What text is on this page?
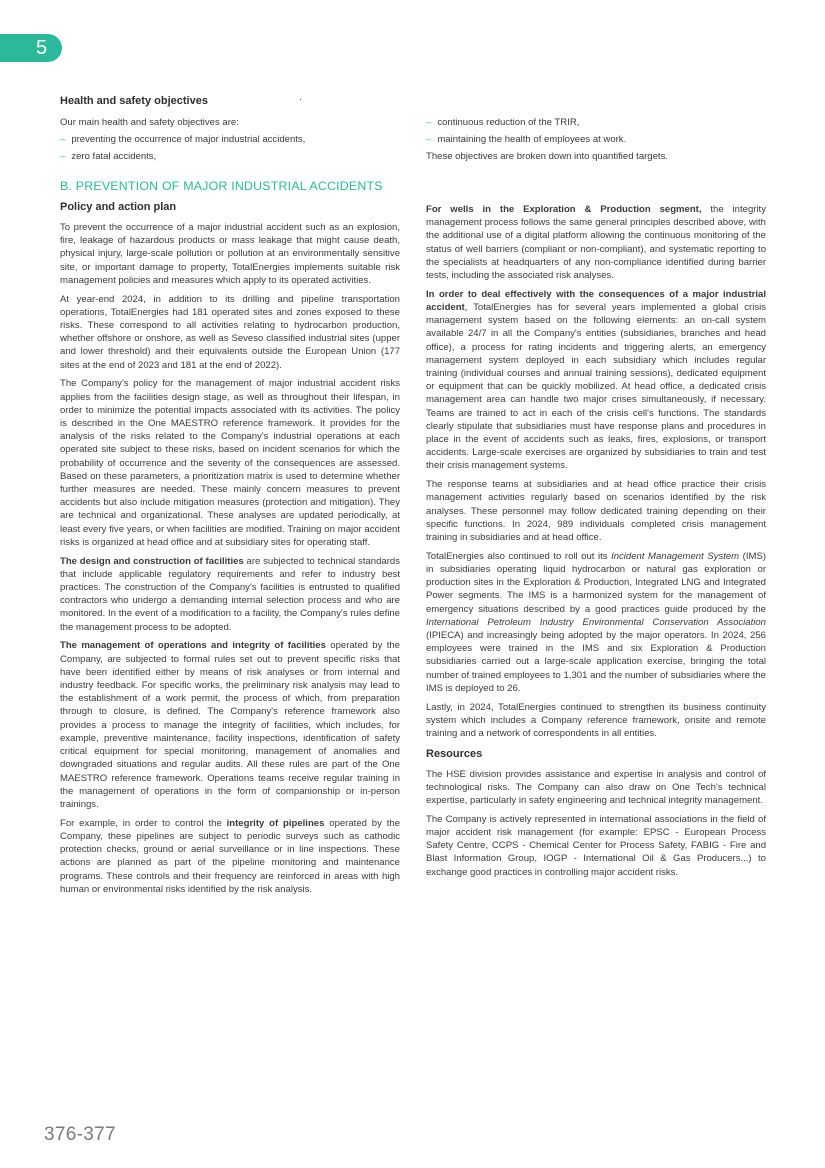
5
Health and safety objectives
Our main health and safety objectives are:
– preventing the occurrence of major industrial accidents,
– zero fatal accidents,
– continuous reduction of the TRIR,
– maintaining the health of employees at work.
These objectives are broken down into quantified targets.
B. PREVENTION OF MAJOR INDUSTRIAL ACCIDENTS
Policy and action plan

To prevent the occurrence of a major industrial accident such as an explosion, fire, leakage of hazardous products or mass leakage that might cause death, physical injury, large-scale pollution or pollution at an environmentally sensitive site, or important damage to property, TotalEnergies implements suitable risk management policies and measures which apply to its operated activities.

At year-end 2024, in addition to its drilling and pipeline transportation operations, TotalEnergies had 181 operated sites and zones exposed to these risks. These correspond to all activities relating to hydrocarbon production, whether offshore or onshore, as well as Seveso classified industrial sites (upper and lower threshold) and their equivalents outside the European Union (177 sites at the end of 2023 and 181 at the end of 2022).

The Company's policy for the management of major industrial accident risks applies from the facilities design stage, as well as throughout their lifespan, in order to minimize the potential impacts associated with its activities. The policy is described in the One MAESTRO reference framework. It provides for the analysis of the risks related to the Company's industrial operations at each operated site subject to these risks, based on incident scenarios for which the probability of occurrence and the severity of the consequences are assessed. Based on these parameters, a prioritization matrix is used to determine whether further measures are needed. These mainly concern measures to prevent accidents but also include mitigation measures (protection and mitigation). They are technical and organizational. These analyses are updated periodically, at least every five years, or when facilities are modified. Training on major accident risks is organized at head office and at subsidiary sites for operating staff.

The design and construction of facilities are subjected to technical standards that include applicable regulatory requirements and refer to industry best practices. The construction of the Company's facilities is entrusted to qualified contractors who undergo a demanding internal selection process and who are monitored. In the event of a modification to a facility, the Company's rules define the management process to be adopted.

The management of operations and integrity of facilities operated by the Company, are subjected to formal rules set out to prevent specific risks that have been identified either by means of risk analyses or from internal and industry feedback. For specific works, the preliminary risk analysis may lead to the establishment of a work permit, the process of which, from preparation through to closure, is defined. The Company's reference framework also provides a process to manage the integrity of facilities, which includes, for example, preventive maintenance, facility inspections, identification of safety critical equipment for special monitoring, management of anomalies and downgraded situations and regular audits. All these rules are part of the One MAESTRO reference framework. Operations teams receive regular training in the management of operations in the form of companionship or in-person trainings.

For example, in order to control the integrity of pipelines operated by the Company, these pipelines are subject to periodic surveys such as cathodic protection checks, ground or aerial surveillance or in line inspections. These actions are planned as part of the pipeline monitoring and maintenance programs. These controls and their frequency are reinforced in areas with high human or environmental risks identified by the risk analysis.

For wells in the Exploration & Production segment, the integrity management process follows the same general principles described above, with the additional use of a digital platform allowing the continuous monitoring of the status of well barriers (compliant or non-compliant), and systematic reporting to the specialists at headquarters of any non-compliance identified during barrier tests, including the associated risk analyses.

In order to deal effectively with the consequences of a major industrial accident, TotalEnergies has for several years implemented a global crisis management system based on the following elements: an on-call system available 24/7 in all the Company's entities (subsidiaries, branches and head office), a process for rating incidents and triggering alerts, an emergency management system deployed in each subsidiary which includes regular training (individual courses and annual training sessions), dedicated equipment or equipment that can be quickly mobilized. At head office, a dedicated crisis management area can handle two major crises simultaneously, if necessary. Teams are trained to act in each of the crisis cell's functions. The standards clearly stipulate that subsidiaries must have response plans and procedures in place in the event of accidents such as leaks, fires, explosions, or transport accidents. Large-scale exercises are organized by subsidiaries to train and test their crisis management systems.

The response teams at subsidiaries and at head office practice their crisis management activities regularly based on scenarios identified by the risk analyses. These personnel may follow dedicated training depending on their specific functions. In 2024, 989 individuals completed crisis management training in subsidiaries and at head office.

TotalEnergies also continued to roll out its Incident Management System (IMS) in subsidiaries operating liquid hydrocarbon or natural gas exploration or production sites in the Exploration & Production, Integrated LNG and Integrated Power segments. The IMS is a harmonized system for the management of emergency situations described by a good practices guide produced by the International Petroleum Industry Environmental Conservation Association (IPIECA) and increasingly being adopted by the major operators. In 2024, 256 employees were trained in the IMS and six Exploration & Production subsidiaries carried out a large-scale application exercise, bringing the total number of trained employees to 1,301 and the number of subsidiaries where the IMS is deployed to 26.

Lastly, in 2024, TotalEnergies continued to strengthen its business continuity system which includes a Company reference framework, onsite and remote training and a network of correspondents in all entities.

Resources

The HSE division provides assistance and expertise in analysis and control of technological risks. The Company can also draw on One Tech's technical expertise, particularly in safety engineering and technical integrity management.

The Company is actively represented in international associations in the field of major accident risk management (for example: EPSC - European Process Safety Centre, CCPS - Chemical Center for Process Safety, FABIG - Fire and Blast Information Group, IOGP - International Oil & Gas Producers...) to exchange good practices in controlling major accident risks.

376-377
